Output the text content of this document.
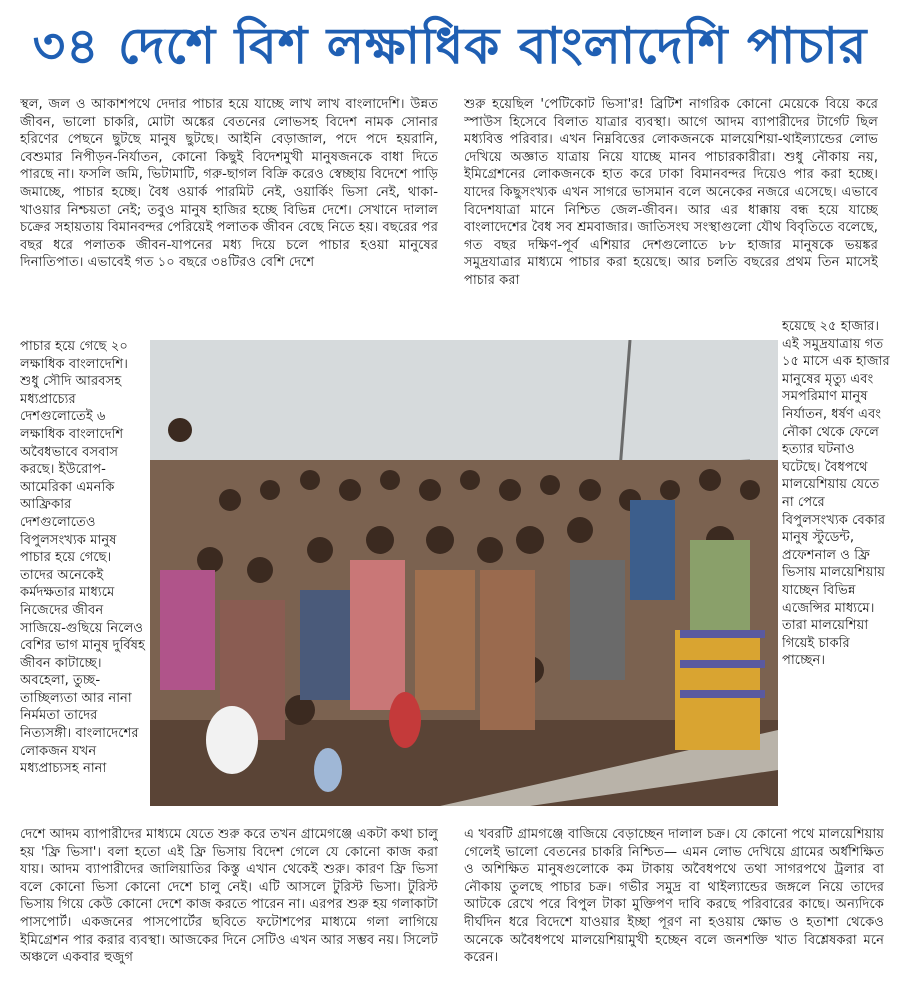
৩৪ দেশে বিশ লক্ষাধিক বাংলাদেশি পাচার

স্থল, জল ও আকাশপথে দেদার পাচার হয়ে যাচ্ছে লাখ লাখ বাংলাদেশি। উন্নত জীবন, ভালো চাকরি, মোটা অঙ্কের বেতনের লোভসহ বিদেশ নামক সোনার হরিণের পেছনে ছুটছে মানুষ ছুটছে। আইনি বেড়াজাল, পদে পদে হয়রানি, বেশুমার নিপীড়ন-নির্যাতন, কোনো কিছুই বিদেশমুখী মানুষজনকে বাধা দিতে পারছে না। ফসলি জমি, ভিটামাটি, গরু-ছাগল বিক্রি করেও স্বেচ্ছায় বিদেশে পাড়ি জমাচ্ছে, পাচার হচ্ছে। বৈধ ওয়ার্ক পারমিট নেই, ওয়ার্কিং ভিসা নেই, থাকা-খাওয়ার নিশ্চয়তা নেই; তবুও মানুষ হাজির হচ্ছে বিভিন্ন দেশে। সেখানে দালাল চক্রের সহায়তায় বিমানবন্দর পেরিয়েই পলাতক জীবন বেছে নিতে হয়। বছরের পর বছর ধরে পলাতক জীবন-যাপনের মধ্য দিয়ে চলে পাচার হওয়া মানুষের দিনাতিপাত। এভাবেই গত ১০ বছরে ৩৪টিরও বেশি দেশে

শুরু হয়েছিল 'পেটিকোট ভিসা'র! ব্রিটিশ নাগরিক কোনো মেয়েকে বিয়ে করে স্পাউস হিসেবে বিলাত যাত্রার ব্যবস্থা। আগে আদম ব্যাপারীদের টার্গেট ছিল মধ্যবিত্ত পরিবার। এখন নিম্নবিত্তের লোকজনকে মালয়েশিয়া-থাইল্যান্ডের লোভ দেখিয়ে অজ্ঞাত যাত্রায় নিয়ে যাচ্ছে মানব পাচারকারীরা। শুধু নৌকায় নয়, ইমিগ্রেশনের লোকজনকে হাত করে ঢাকা বিমানবন্দর দিয়েও পার করা হচ্ছে। যাদের কিছুসংখ্যক এখন সাগরে ভাসমান বলে অনেকের নজরে এসেছে। এভাবে বিদেশযাত্রা মানে নিশ্চিত জেল-জীবন। আর এর ধাক্কায় বন্ধ হয়ে যাচ্ছে বাংলাদেশের বৈধ সব শ্রমবাজার। জাতিসংঘ সংস্থাগুলো যৌথ বিবৃতিতে বলেছে, গত বছর দক্ষিণ-পূর্ব এশিয়ার দেশগুলোতে ৮৮ হাজার মানুষকে ভয়ঙ্কর সমুদ্রযাত্রার মাধ্যমে পাচার করা হয়েছে। আর চলতি বছরের প্রথম তিন মাসেই পাচার করা

পাচার হয়ে গেছে ২০ লক্ষাধিক বাংলাদেশি। শুধু সৌদি আরবসহ মধ্যপ্রাচ্যের দেশগুলোতেই ৬ লক্ষাধিক বাংলাদেশি অবৈধভাবে বসবাস করছে। ইউরোপ-আমেরিকা এমনকি আফ্রিকার দেশগুলোতেও বিপুলসংখ্যক মানুষ পাচার হয়ে গেছে। তাদের অনেকেই কর্মদক্ষতার মাধ্যমে নিজেদের জীবন সাজিয়ে-গুছিয়ে নিলেও বেশির ভাগ মানুষ দুর্বিষহ জীবন কাটাচ্ছে। অবহেলা, তুচ্ছ-তাচ্ছিল্যতা আর নানা নির্মমতা তাদের নিত্যসঙ্গী। বাংলাদেশের লোকজন যখন মধ্যপ্রাচ্যসহ নানা

হয়েছে ২৫ হাজার। এই সমুদ্রযাত্রায় গত ১৫ মাসে এক হাজার মানুষের মৃত্যু এবং সমপরিমাণ মানুষ নির্যাতন, ধর্ষণ এবং নৌকা থেকে ফেলে হত্যার ঘটনাও ঘটেছে। বৈধপথে মালয়েশিয়ায় যেতে না পেরে বিপুলসংখ্যক বেকার মানুষ স্টুডেন্ট, প্রফেশনাল ও ফ্রি ভিসায় মালয়েশিয়ায় যাচ্ছেন বিভিন্ন এজেন্সির মাধ্যমে। তারা মালয়েশিয়া গিয়েই চাকরি পাচ্ছেন।

দেশে আদম ব্যাপারীদের মাধ্যমে যেতে শুরু করে তখন গ্রামেগঞ্জে একটা কথা চালু হয় 'ফ্রি ভিসা'। বলা হতো এই ফ্রি ভিসায় বিদেশ গেলে যে কোনো কাজ করা যায়। আদম ব্যাপারীদের জালিয়াতির কিস্তু এখান থেকেই শুরু। কারণ ফ্রি ভিসা বলে কোনো ভিসা কোনো দেশে চালু নেই। এটি আসলে টুরিস্ট ভিসা। টুরিস্ট ভিসায় গিয়ে কেউ কোনো দেশে কাজ করতে পারেন না। এরপর শুরু হয় গলাকাটা পাসপোর্ট। একজনের পাসপোর্টের ছবিতে ফটোশপের মাধ্যমে গলা লাগিয়ে ইমিগ্রেশন পার করার ব্যবস্থা। আজকের দিনে সেটিও এখন আর সম্ভব নয়। সিলেট অঞ্চলে একবার হুজুগ

এ খবরটি গ্রামগঞ্জে বাজিয়ে বেড়াচ্ছেন দালাল চক্র। যে কোনো পথে মালয়েশিয়ায় গেলেই ভালো বেতনের চাকরি নিশ্চিত— এমন লোভ দেখিয়ে গ্রামের অর্ধশিক্ষিত ও অশিক্ষিত মানুষগুলোকে কম টাকায় অবৈধপথে তথা সাগরপথে ট্রলার বা নৌকায় তুলছে পাচার চক্র। গভীর সমুদ্র বা থাইল্যান্ডের জঙ্গলে নিয়ে তাদের আটকে রেখে পরে বিপুল টাকা মুক্তিপণ দাবি করছে পরিবারের কাছে। অন্যদিকে দীর্ঘদিন ধরে বিদেশে যাওয়ার ইচ্ছা পূরণ না হওয়ায় ক্ষোভ ও হতাশা থেকেও অনেকে অবৈধপথে মালয়েশিয়ামুখী হচ্ছেন বলে জনশক্তি খাত বিশ্লেষকরা মনে করেন।
